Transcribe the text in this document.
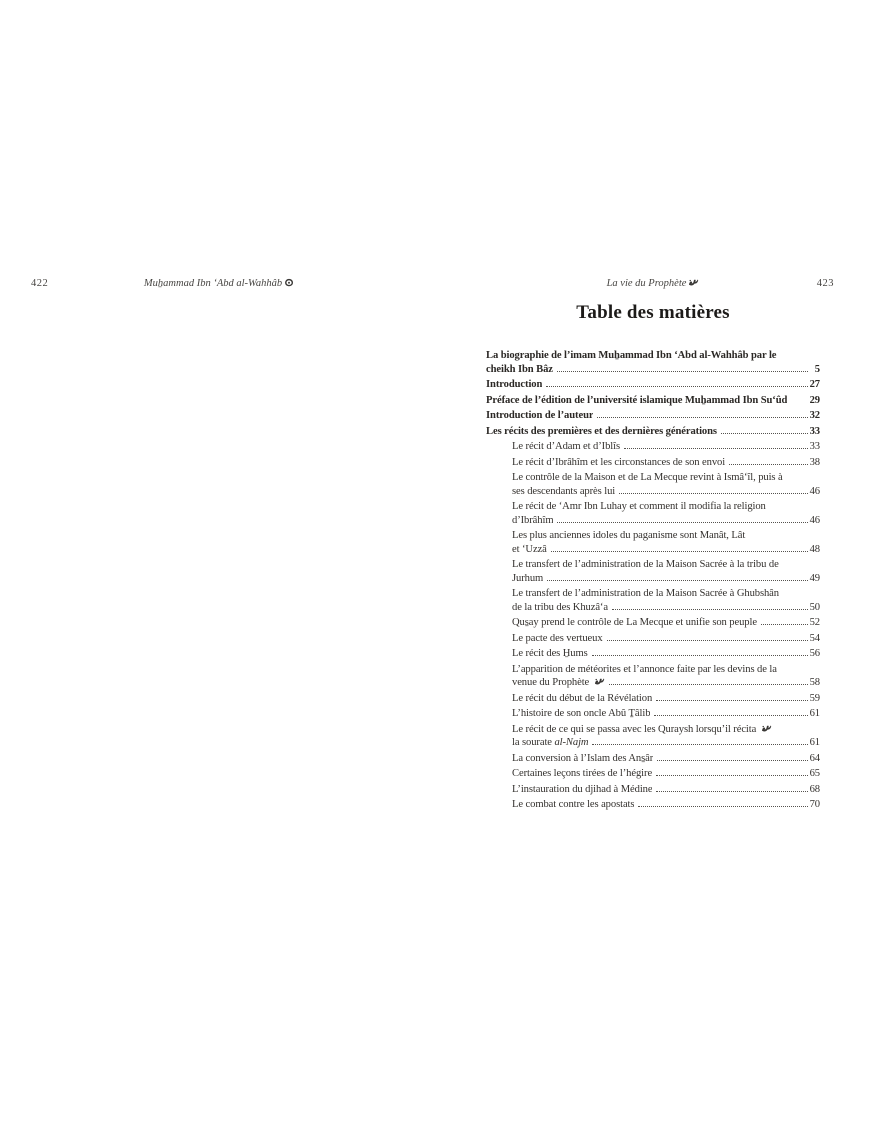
422	Muẖammad Ibn ‘Abd al-Wahhâb	La vie du Prophète	423
Table des matières
La biographie de l’imam Muẖammad Ibn ‘Abd al-Wahhâb par le
cheikh Ibn Bâz	5
Introduction	27
Préface de l’édition de l’université islamique Muẖammad Ibn Su‘ûd 29
Introduction de l’auteur	32
Les récits des premières et des dernières générations	33
Le récit d’Adam et d’Iblîs	33
Le récit d’Ibrâhîm et les circonstances de son envoi	38
Le contrôle de la Maison et de La Mecque revint à Ismâ‘îl, puis à
ses descendants après lui	46
Le récit de ‘Amr Ibn Luhay et comment il modifia la religion
d’Ibrâhîm	46
Les plus anciennes idoles du paganisme sont Manât, Lât
et ‘Uzzâ	48
Le transfert de l’administration de la Maison Sacrée à la tribu de
Jurhum	49
Le transfert de l’administration de la Maison Sacrée à Ghubshân
de la tribu des Khuzâ‘a	50
Qus̱ay prend le contrôle de La Mecque et unifie son peuple	52
Le pacte des vertueux	54
Le récit des H̱ums	56
L’apparition de météorites et l’annonce faite par les devins de la
venue du Prophète	58
Le récit du début de la Révélation	59
L’histoire de son oncle Abû Ṯâlib	61
Le récit de ce qui se passa avec les Quraysh lorsqu’il récita
la sourate al-Najm	61
La conversion à l’Islam des Ans̱âr	64
Certaines leçons tirées de l’hégire	65
L’instauration du djihad à Médine	68
Le combat contre les apostats	70
